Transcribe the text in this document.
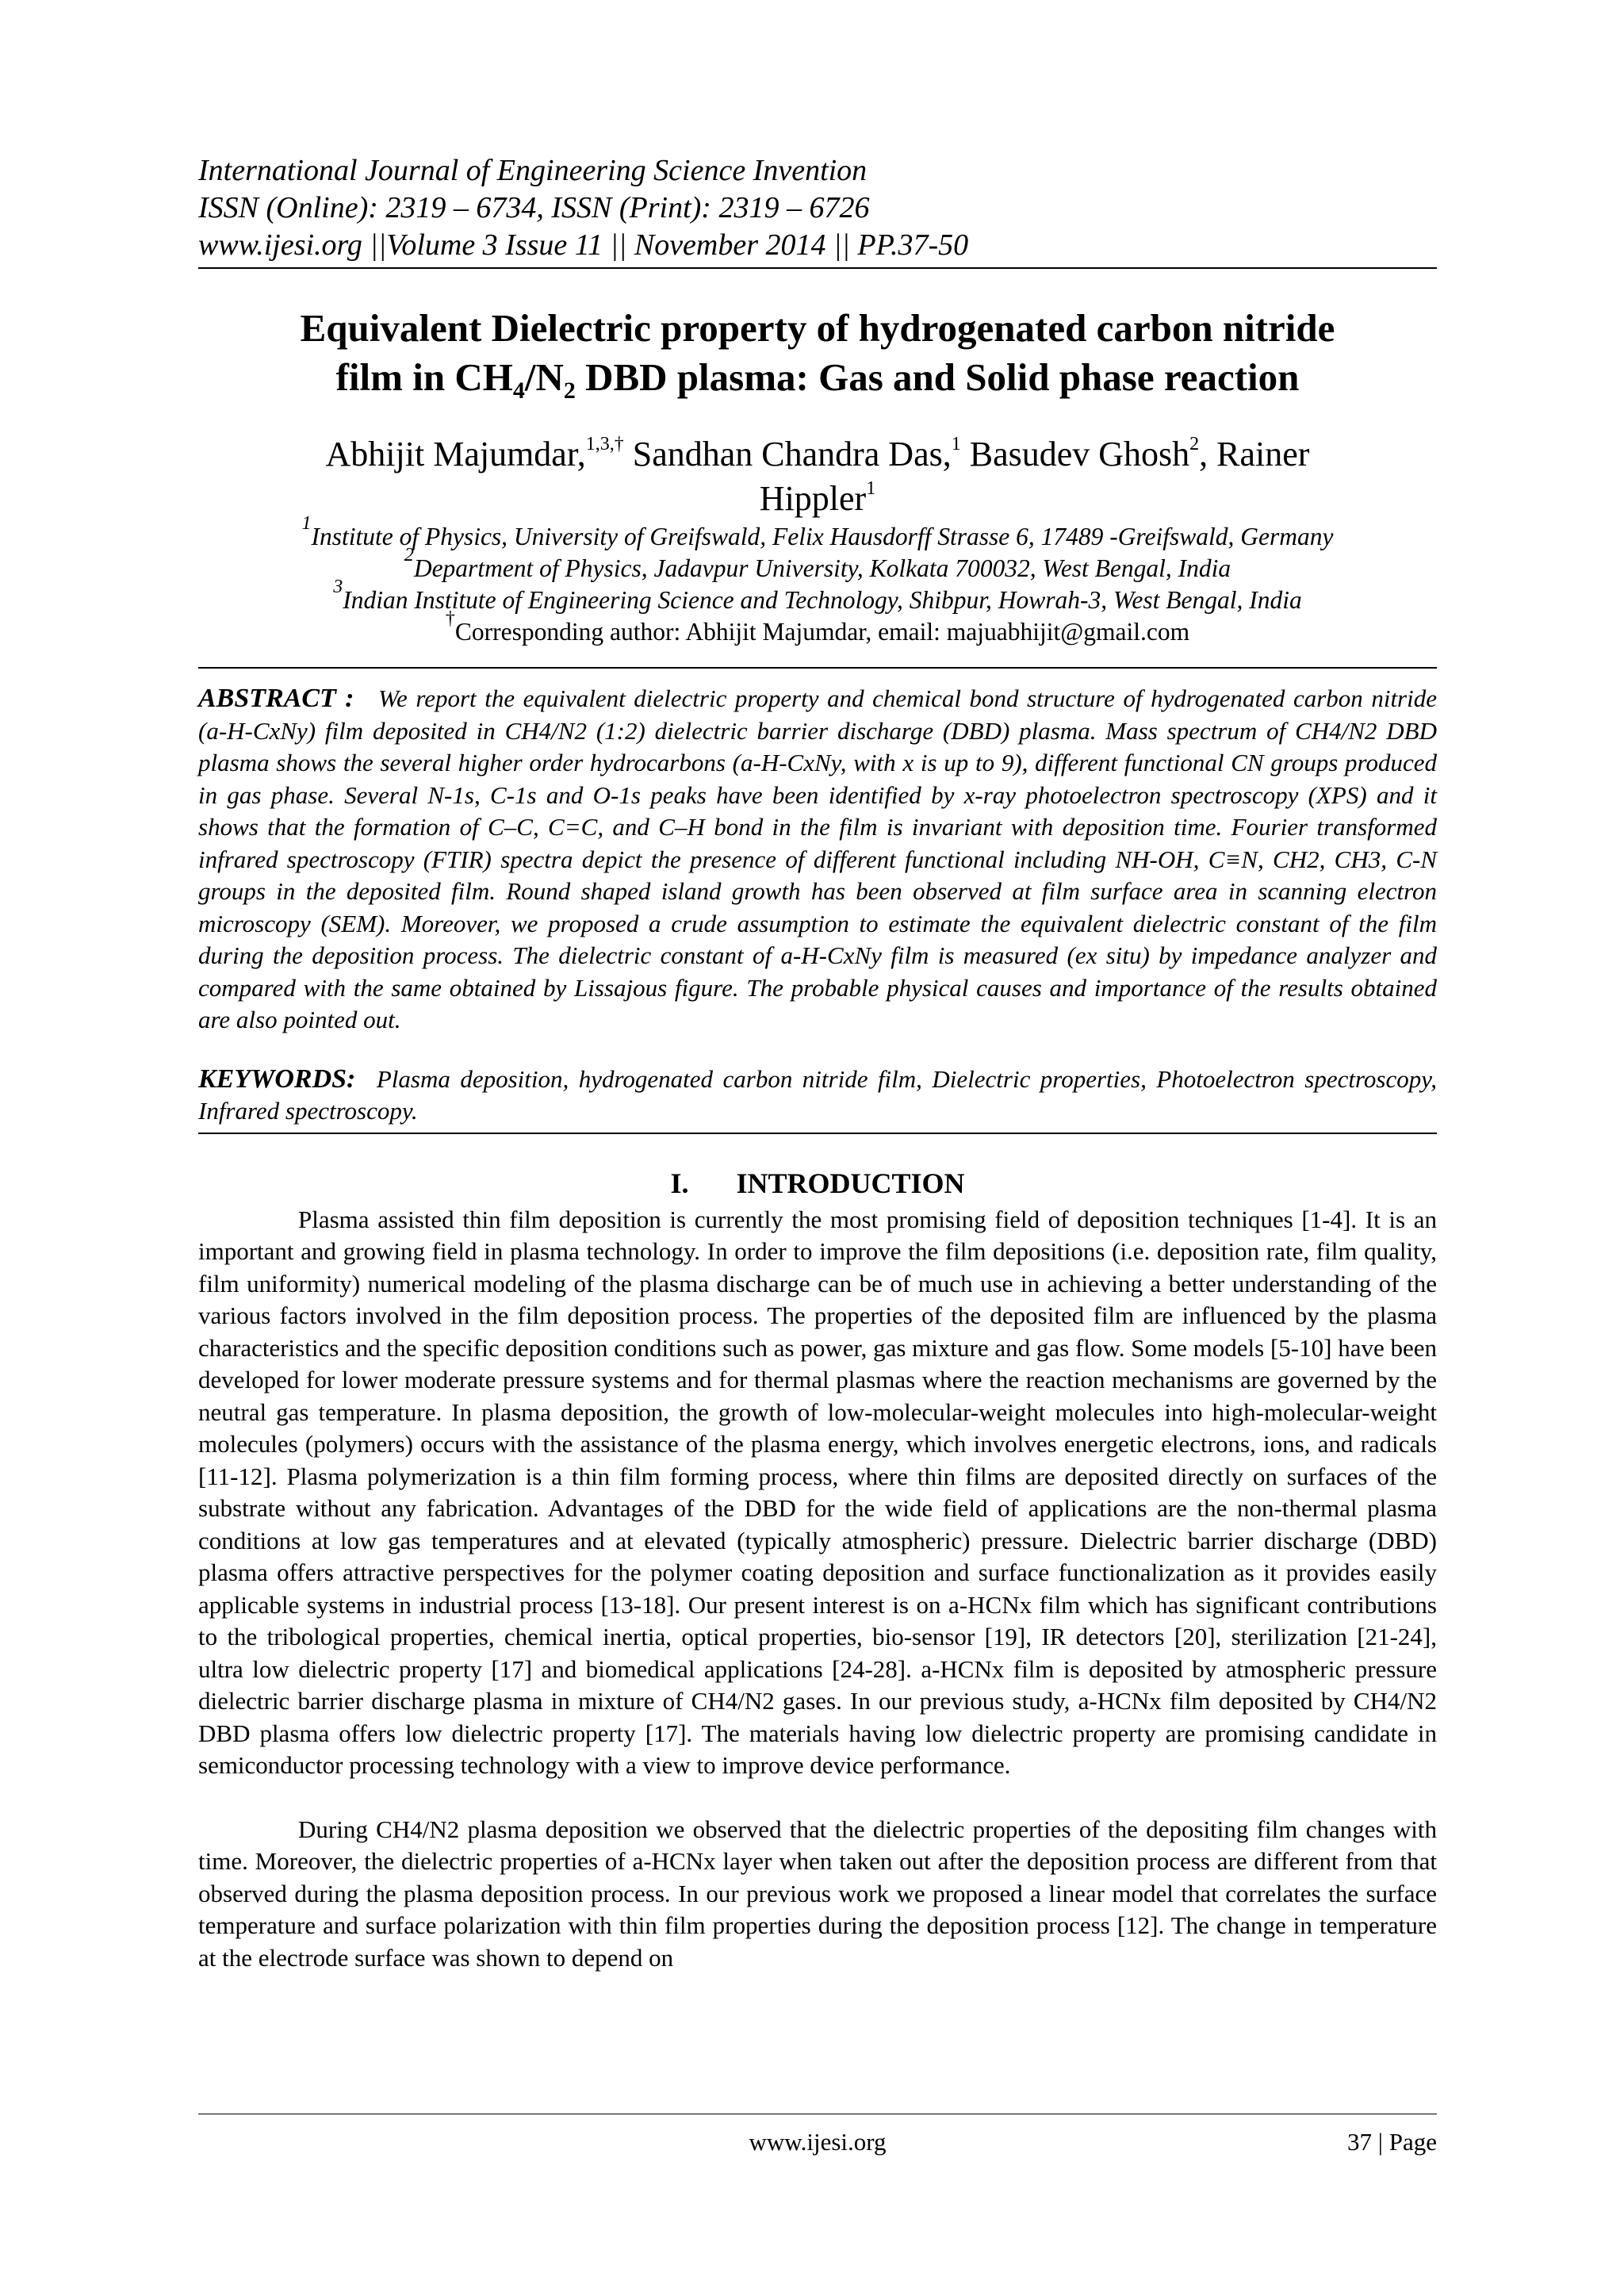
International Journal of Engineering Science Invention
ISSN (Online): 2319 – 6734, ISSN (Print): 2319 – 6726
www.ijesi.org ||Volume 3 Issue 11 || November 2014 || PP.37-50
Equivalent Dielectric property of hydrogenated carbon nitride
film in $CH_4/N_2$ DBD plasma: Gas and Solid phase reaction
Abhijit Majumdar,$^{1,3,\dagger}$ Sandhan Chandra Das,$^1$ Basudev Ghosh$^2$, Rainer Hippler$^1$
$^1$Institute of Physics, University of Greifswald, Felix Hausdorff Strasse 6, 17489 -Greifswald, Germany
$^2$Department of Physics, Jadavpur University, Kolkata 700032, West Bengal, India
$^3$Indian Institute of Engineering Science and Technology, Shibpur, Howrah-3, West Bengal, India
†Corresponding author: Abhijit Majumdar, email: majuabhijit@gmail.com
ABSTRACT : We report the equivalent dielectric property and chemical bond structure of hydrogenated carbon nitride (a-H-CxNy) film deposited in CH4/N2 (1:2) dielectric barrier discharge (DBD) plasma. Mass spectrum of CH4/N2 DBD plasma shows the several higher order hydrocarbons (a-H-CxNy, with x is up to 9), different functional CN groups produced in gas phase. Several N-1s, C-1s and O-1s peaks have been identified by x-ray photoelectron spectroscopy (XPS) and it shows that the formation of C–C, C=C, and C–H bond in the film is invariant with deposition time. Fourier transformed infrared spectroscopy (FTIR) spectra depict the presence of different functional including NH-OH, C≡N, CH2, CH3, C-N groups in the deposited film. Round shaped island growth has been observed at film surface area in scanning electron microscopy (SEM). Moreover, we proposed a crude assumption to estimate the equivalent dielectric constant of the film during the deposition process. The dielectric constant of a-H-CxNy film is measured (ex situ) by impedance analyzer and compared with the same obtained by Lissajous figure. The probable physical causes and importance of the results obtained are also pointed out.
KEYWORDS: Plasma deposition, hydrogenated carbon nitride film, Dielectric properties, Photoelectron spectroscopy, Infrared spectroscopy.
I. INTRODUCTION

Plasma assisted thin film deposition is currently the most promising field of deposition techniques [1-4]. It is an important and growing field in plasma technology. In order to improve the film depositions (i.e. deposition rate, film quality, film uniformity) numerical modeling of the plasma discharge can be of much use in achieving a better understanding of the various factors involved in the film deposition process. The properties of the deposited film are influenced by the plasma characteristics and the specific deposition conditions such as power, gas mixture and gas flow. Some models [5-10] have been developed for lower moderate pressure systems and for thermal plasmas where the reaction mechanisms are governed by the neutral gas temperature. In plasma deposition, the growth of low-molecular-weight molecules into high-molecular-weight molecules (polymers) occurs with the assistance of the plasma energy, which involves energetic electrons, ions, and radicals [11-12]. Plasma polymerization is a thin film forming process, where thin films are deposited directly on surfaces of the substrate without any fabrication. Advantages of the DBD for the wide field of applications are the non-thermal plasma conditions at low gas temperatures and at elevated (typically atmospheric) pressure. Dielectric barrier discharge (DBD) plasma offers attractive perspectives for the polymer coating deposition and surface functionalization as it provides easily applicable systems in industrial process [13-18]. Our present interest is on a-HCNx film which has significant contributions to the tribological properties, chemical inertia, optical properties, bio-sensor [19], IR detectors [20], sterilization [21-24], ultra low dielectric property [17] and biomedical applications [24-28]. a-HCNx film is deposited by atmospheric pressure dielectric barrier discharge plasma in mixture of CH4/N2 gases. In our previous study, a-HCNx film deposited by CH4/N2 DBD plasma offers low dielectric property [17]. The materials having low dielectric property are promising candidate in semiconductor processing technology with a view to improve device performance.

During CH4/N2 plasma deposition we observed that the dielectric properties of the depositing film changes with time. Moreover, the dielectric properties of a-HCNx layer when taken out after the deposition process are different from that observed during the plasma deposition process. In our previous work we proposed a linear model that correlates the surface temperature and surface polarization with thin film properties during the deposition process [12]. The change in temperature at the electrode surface was shown to depend on

www.ijesi.org	37 | Page
